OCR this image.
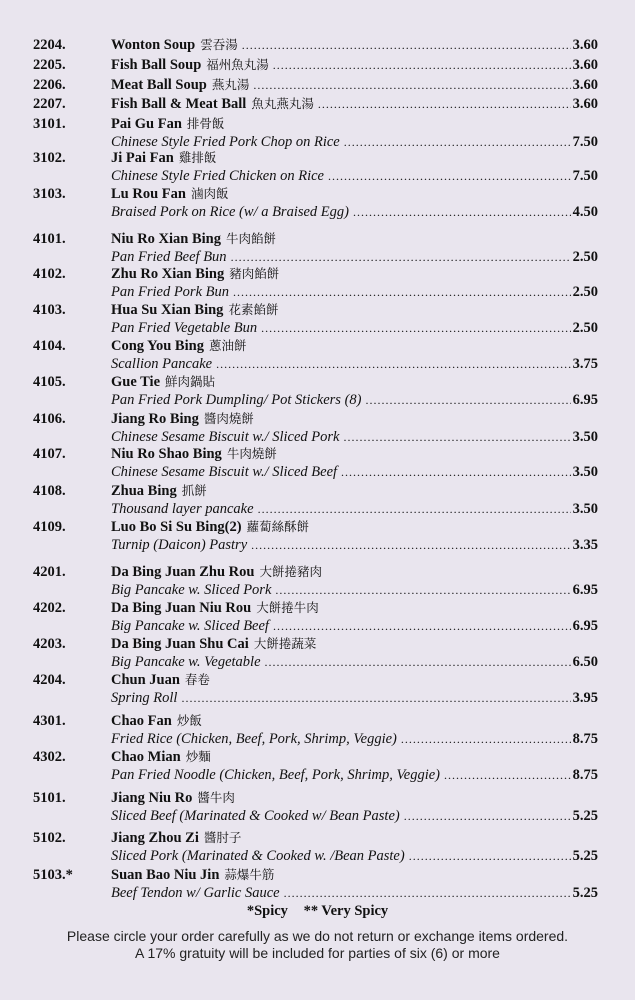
2204.	Wonton Soup 雲吞湯 .....	3.60
2205.	Fish Ball Soup 福州魚丸湯 .....	3.60
2206.	Meat Ball Soup 燕丸湯 .....	3.60
2207.	Fish Ball & Meat Ball 魚丸燕丸湯 .....	3.60
3101.	Pai Gu Fan 排骨飯
Chinese Style Fried Pork Chop on Rice .....	7.50
3102.	Ji Pai Fan 雞排飯
Chinese Style Fried Chicken on Rice .....	7.50
3103.	Lu Rou Fan 滷肉飯
Braised Pork on Rice (w/ a Braised Egg) .....	4.50
4101.	Niu Ro Xian Bing 牛肉餡餅
Pan Fried Beef Bun .....	2.50
4102.	Zhu Ro Xian Bing 豬肉餡餅
Pan Fried Pork Bun .....	2.50
4103.	Hua Su Xian Bing 花素餡餅
Pan Fried Vegetable Bun .....	2.50
4104.	Cong You Bing 蔥油餅
Scallion Pancake .....	3.75
4105.	Gue Tie 鮮肉鍋貼
Pan Fried Pork Dumpling/ Pot Stickers (8) .....	6.95
4106.	Jiang Ro Bing 醬肉燒餅
Chinese Sesame Biscuit w./ Sliced Pork .....	3.50
4107.	Niu Ro Shao Bing 牛肉燒餅
Chinese Sesame Biscuit w./ Sliced Beef .....	3.50
4108.	Zhua Bing 抓餅
Thousand layer pancake .....	3.50
4109.	Luo Bo Si Su Bing(2) 蘿蔔絲酥餅
Turnip (Daicon) Pastry .....	3.35
4201.	Da Bing Juan Zhu Rou 大餅捲豬肉
Big Pancake w. Sliced Pork .....	6.95
4202.	Da Bing Juan Niu Rou 大餅捲牛肉
Big Pancake w. Sliced Beef .....	6.95
4203.	Da Bing Juan Shu Cai 大餅捲蔬菜
Big Pancake w. Vegetable .....	6.50
4204.	Chun Juan 春卷
Spring Roll .....	3.95
4301.	Chao Fan 炒飯
Fried Rice (Chicken, Beef, Pork, Shrimp, Veggie) .....	8.75
4302.	Chao Mian 炒麵
Pan Fried Noodle (Chicken, Beef, Pork, Shrimp, Veggie) .....	8.75
5101.	Jiang Niu Ro 醬牛肉
Sliced Beef (Marinated & Cooked w/ Bean Paste) .....	5.25
5102.	Jiang Zhou Zi 醬肘子
Sliced Pork (Marinated & Cooked w. /Bean Paste) .....	5.25
5103.*	Suan Bao Niu Jin 蒜爆牛筋
Beef Tendon w/ Garlic Sauce .....	5.25
*Spicy ** Very Spicy
Please circle your order carefully as we do not return or exchange items ordered.
A 17% gratuity will be included for parties of six (6) or more
